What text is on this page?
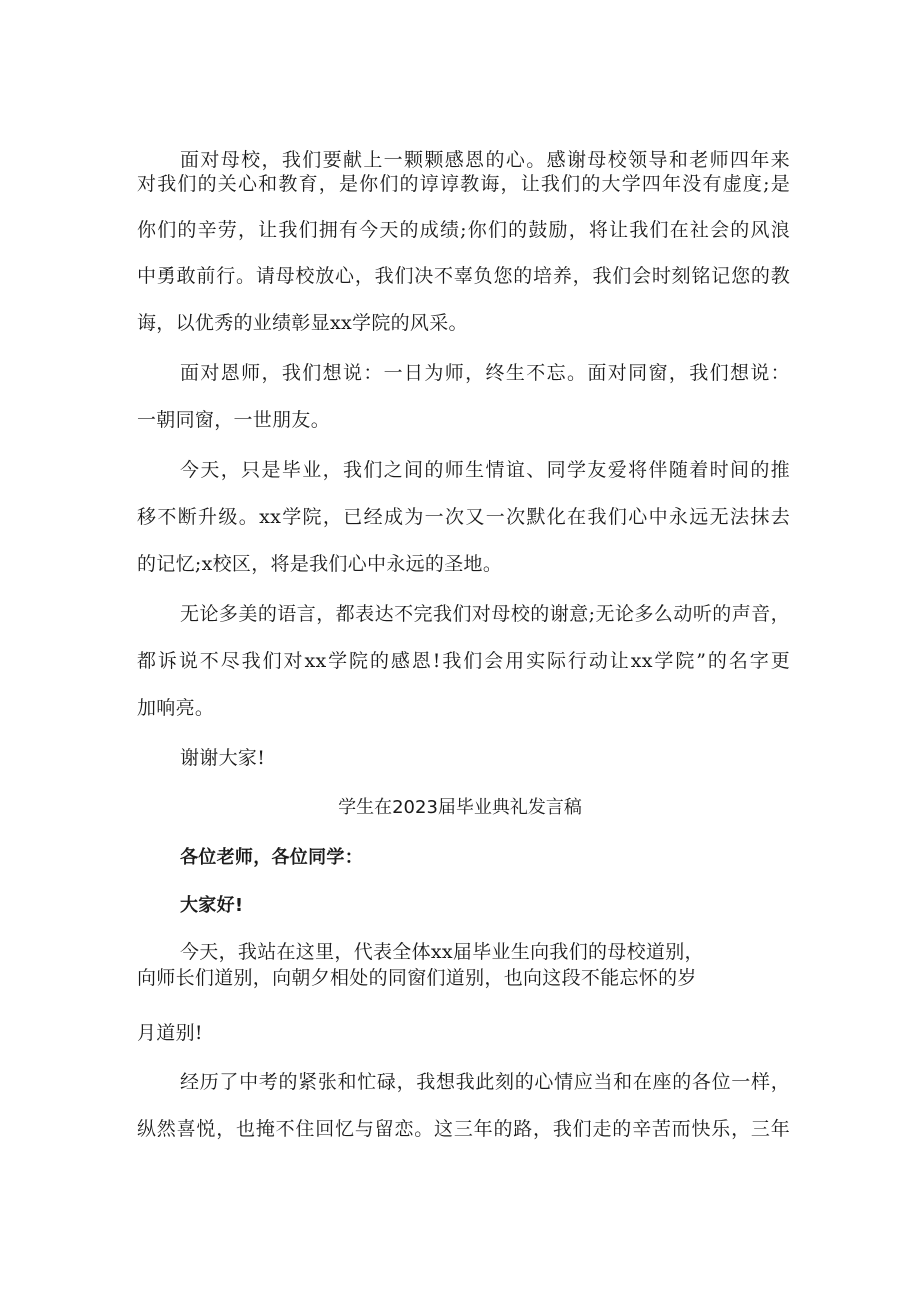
面对母校，我们要献上一颗颗感恩的心。感谢母校领导和老师四年来

对我们的关心和教育，是你们的谆谆教诲，让我们的大学四年没有虚度;是

你们的辛劳，让我们拥有今天的成绩;你们的鼓励，将让我们在社会的风浪

中勇敢前行。请母校放心，我们决不辜负您的培养，我们会时刻铭记您的教

诲，以优秀的业绩彰显xx学院的风采。

面对恩师，我们想说：一日为师，终生不忘。面对同窗，我们想说：

一朝同窗，一世朋友。

今天，只是毕业，我们之间的师生情谊、同学友爱将伴随着时间的推

移不断升级。xx学院，已经成为一次又一次默化在我们心中永远无法抹去

的记忆;x校区，将是我们心中永远的圣地。

无论多美的语言，都表达不完我们对母校的谢意;无论多么动听的声音，

都诉说不尽我们对xx学院的感恩!我们会用实际行动让xx学院”的名字更

加响亮。

谢谢大家!

学生在2023届毕业典礼发言稿

各位老师，各位同学：

大家好!

今天，我站在这里，代表全体xx届毕业生向我们的母校道别，

向师长们道别，向朝夕相处的同窗们道别，也向这段不能忘怀的岁

月道别!

经历了中考的紧张和忙碌，我想我此刻的心情应当和在座的各位一样，

纵然喜悦，也掩不住回忆与留恋。这三年的路，我们走的辛苦而快乐，三年
